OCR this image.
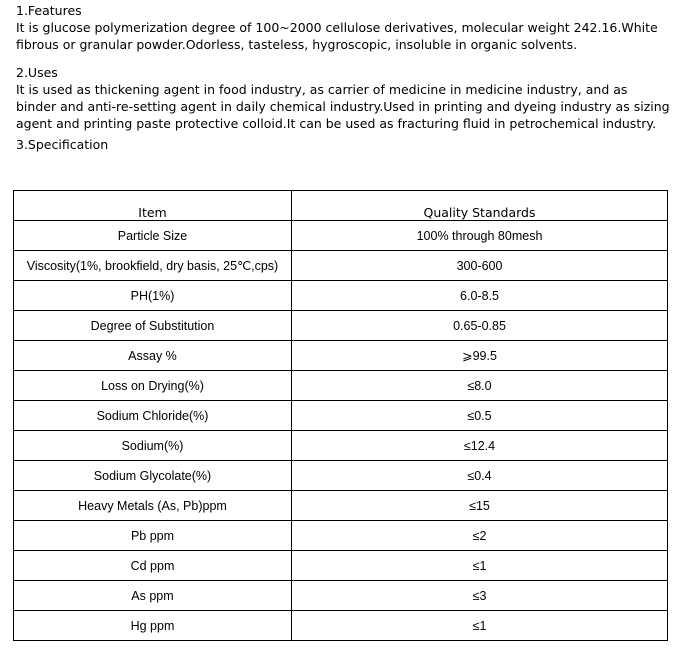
1.Features

It is glucose polymerization degree of 100~2000 cellulose derivatives, molecular weight 242.16.White fibrous or granular powder.Odorless, tasteless, hygroscopic, insoluble in organic solvents.

2.Uses

It is used as thickening agent in food industry, as carrier of medicine in medicine industry, and as binder and anti-re-setting agent in daily chemical industry.Used in printing and dyeing industry as sizing agent and printing paste protective colloid.It can be used as fracturing fluid in petrochemical industry.

3.Specification

Item	Quality Standards
Particle Size	100% through 80mesh
Viscosity(1%, brookfield, dry basis, 25℃,cps)	300-600
PH(1%)	6.0-8.5
Degree of Substitution	0.65-0.85
Assay %	⩾99.5
Loss on Drying(%)	≤8.0
Sodium Chloride(%)	≤0.5
Sodium(%)	≤12.4
Sodium Glycolate(%)	≤0.4
Heavy Metals (As, Pb)ppm	≤15
Pb ppm	≤2
Cd ppm	≤1
As ppm	≤3
Hg ppm	≤1
